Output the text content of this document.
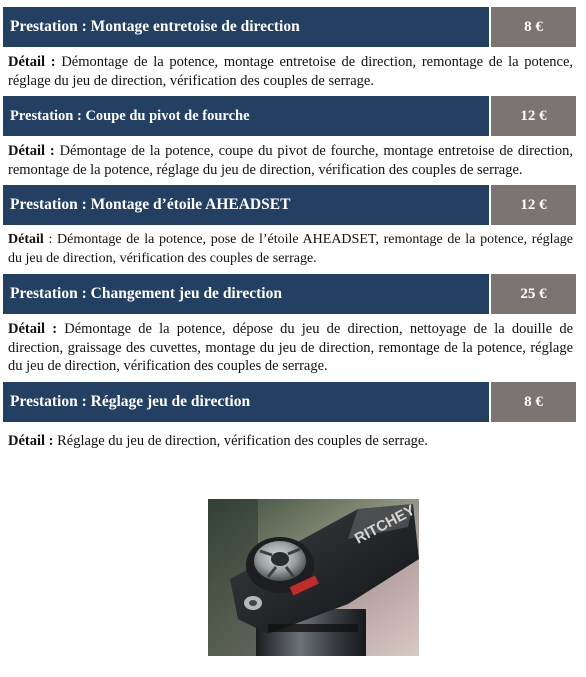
Prestation : Montage entretoise de direction	8 €

Détail : Démontage de la potence, montage entretoise de direction, remontage de la potence, réglage du jeu de direction, vérification des couples de serrage.

Prestation : Coupe du pivot de fourche	12 €

Détail : Démontage de la potence, coupe du pivot de fourche, montage entretoise de direction, remontage de la potence, réglage du jeu de direction, vérification des couples de serrage.

Prestation : Montage d’étoile AHEADSET	12 €

Détail : Démontage de la potence, pose de l’étoile AHEADSET, remontage de la potence, réglage du jeu de direction, vérification des couples de serrage.

Prestation : Changement jeu de direction	25 €

Détail : Démontage de la potence, dépose du jeu de direction, nettoyage de la douille de direction, graissage des cuvettes, montage du jeu de direction, remontage de la potence, réglage du jeu de direction, vérification des couples de serrage.

Prestation : Réglage jeu de direction	8 €

Détail : Réglage du jeu de direction, vérification des couples de serrage.

RITCHEY
